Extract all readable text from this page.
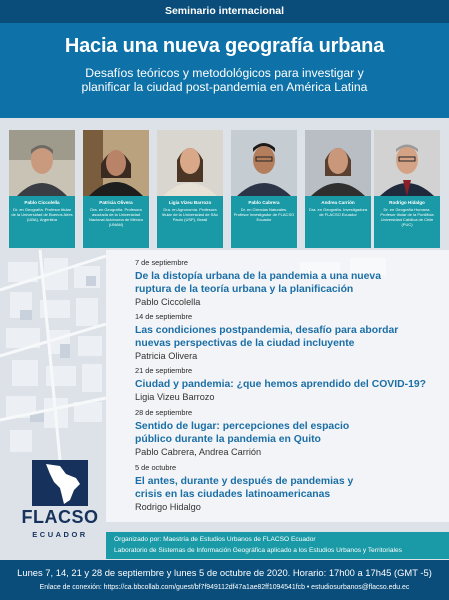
Seminario internacional
Hacia una nueva geografía urbana
Desafíos teóricos y metodológicos para investigar y planificar la ciudad post-pandemia en América Latina
Pablo Ciccolella
Dr. en Geografía. Profesor titular de la Universidad de Buenos Aires (UBA), Argentina
Patricia Olivera
Dra. en Geografía. Profesora asociada de la Universidad Nacional Autónoma de México (UNAM)
Ligia Vizeu Barrozo
Dra. en Agronomía. Profesora titular de la Universidad de São Paulo (USP), Brasil
Pablo Cabrera
Dr. en Ciencias Naturales. Profesor investigador de FLACSO Ecuador
Andrea Carrión
Dra. en Geografía. Investigadora de FLACSO Ecuador
Rodrigo Hidalgo
Dr. en Geografía Humana. Profesor titular de la Pontificia Universidad Católica de Chile (PUC)
7 de septiembre
De la distopía urbana de la pandemia a una nueva
ruptura de la teoría urbana y la planificación
Pablo Ciccolella
14 de septiembre
Las condiciones postpandemia, desafío para abordar
nuevas perspectivas de la ciudad incluyente
Patricia Olivera
21 de septiembre
Ciudad y pandemia: ¿que hemos aprendido del COVID-19?
Ligia Vizeu Barrozo
28 de septiembre
Sentido de lugar: percepciones del espacio
público durante la pandemia en Quito
Pablo Cabrera, Andrea Carrión
5 de octubre
El antes, durante y después de pandemias y
crisis en las ciudades latinoamericanas
Rodrigo Hidalgo
FLACSO
ECUADOR
Organizado por: Maestría de Estudios Urbanos de FLACSO Ecuador
Laboratorio de Sistemas de Información Geográfica aplicado a los Estudios Urbanos y Territoriales
Lunes 7, 14, 21 y 28 de septiembre y lunes 5 de octubre de 2020. Horario: 17h00 a 17h45 (GMT -5)
Enlace de conexión: https://ca.bbcollab.com/guest/bf7f949112df47a1ae82ff1094541fcb • estudiosurbanos@flacso.edu.ec
